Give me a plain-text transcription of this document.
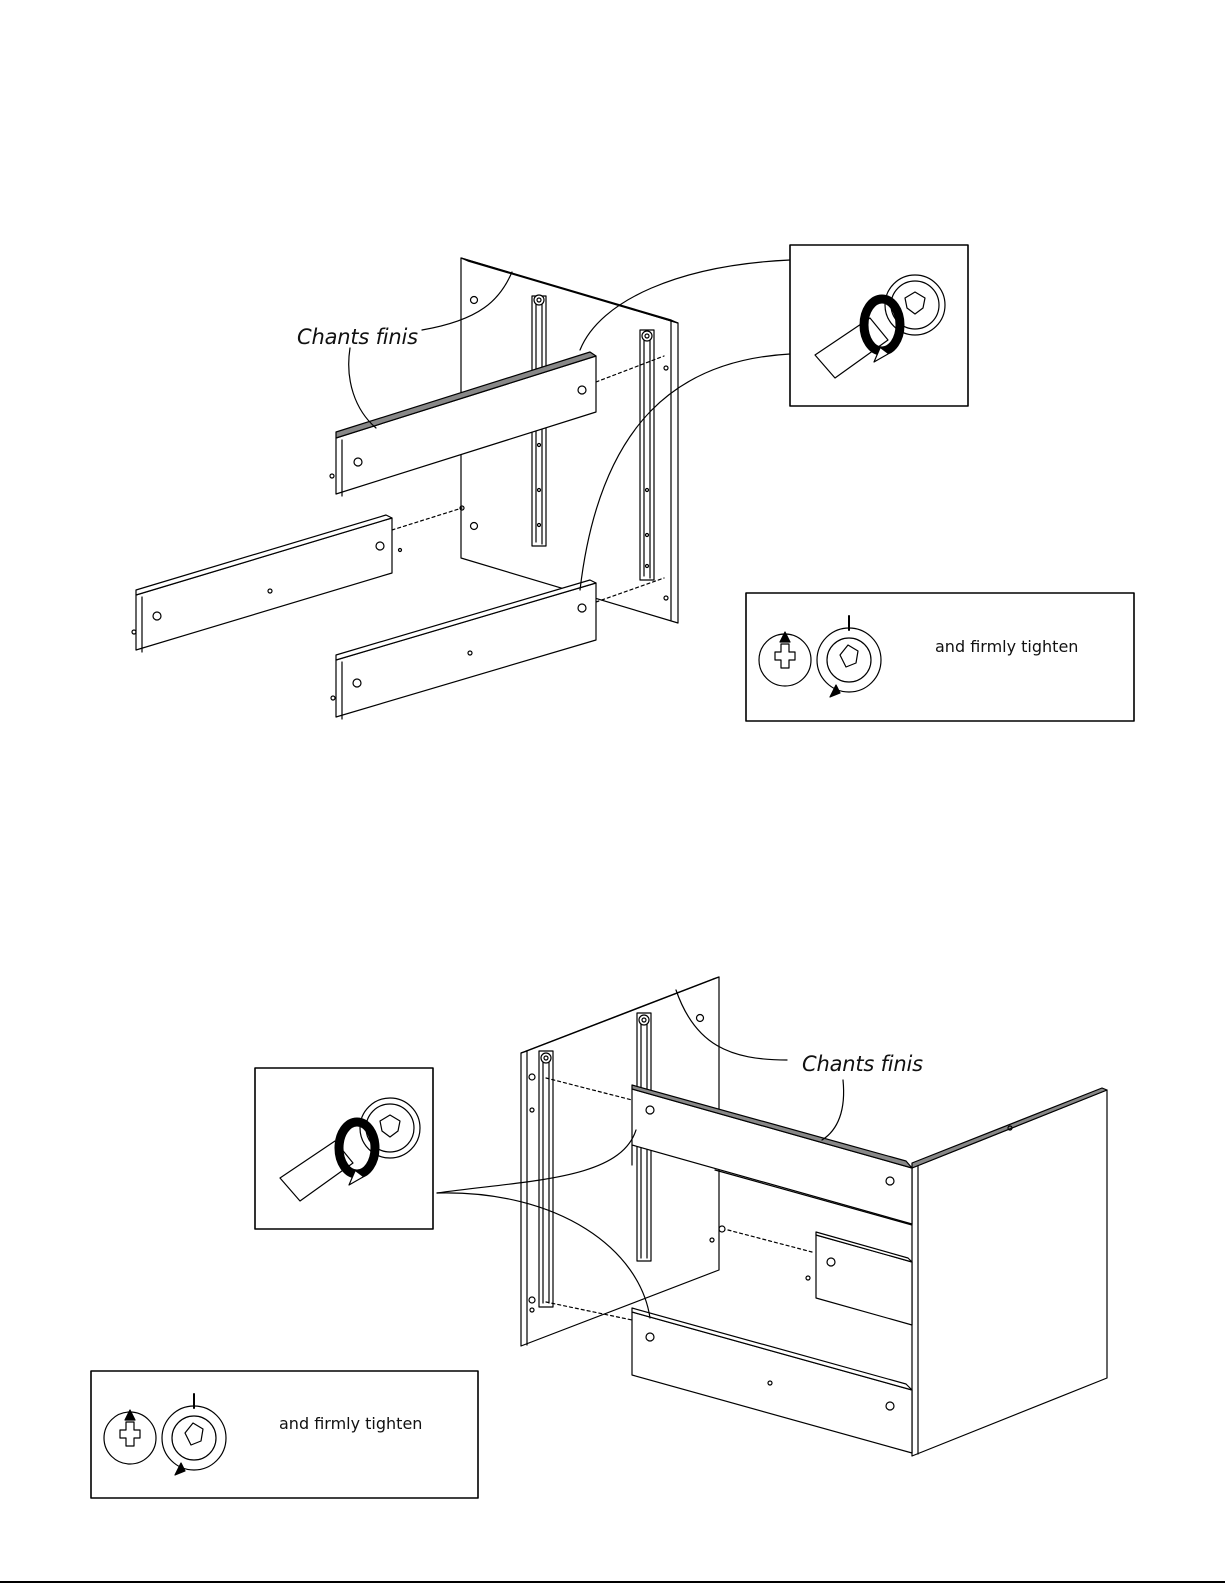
Chants finis
and firmly tighten
Chants finis
and firmly tighten
